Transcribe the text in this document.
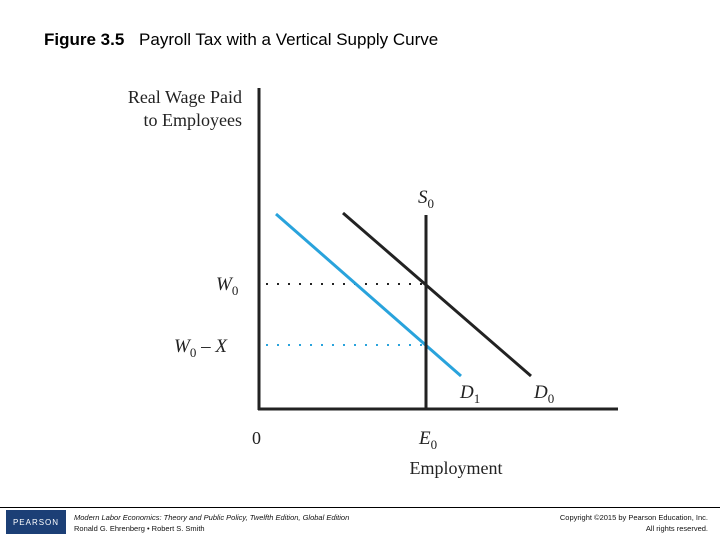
Figure 3.5 Payroll Tax with a Vertical Supply Curve
Real Wage Paid
to Employees
$S_0$
$W_0$
$W_0$ – X
$D_1$	$D_0$
0	$E_0$
Employment
PEARSON	Modern Labor Economics: Theory and Public Policy, Twelfth Edition, Global Edition
Ronald G. Ehrenberg • Robert S. Smith
Copyright ©2015 by Pearson Education, Inc.
All rights reserved.
